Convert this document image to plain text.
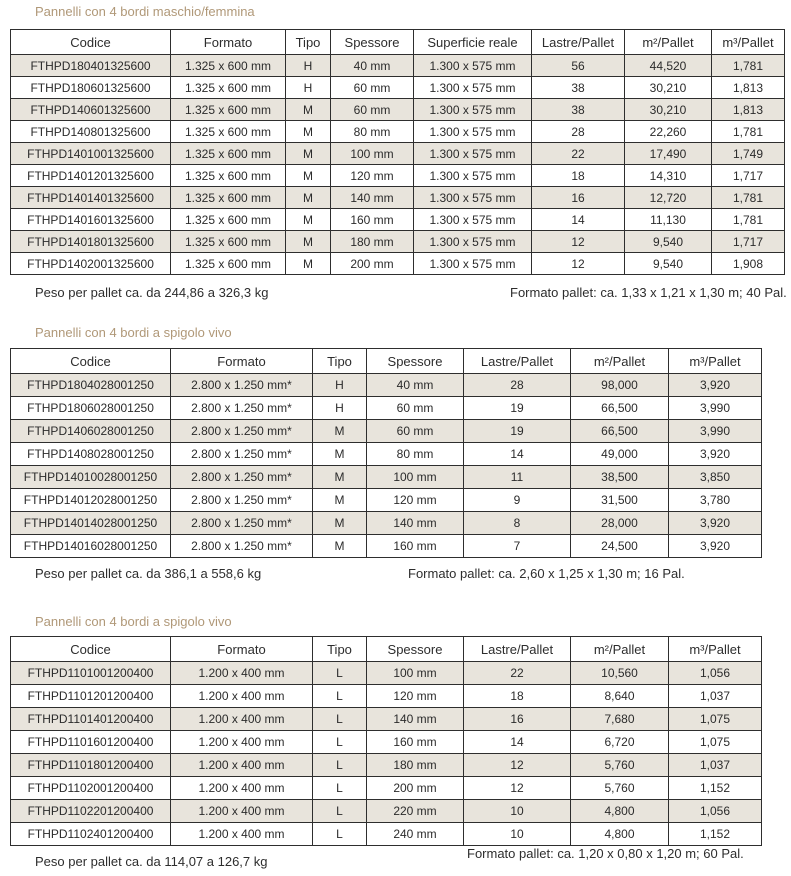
Pannelli con 4 bordi maschio/femmina
Codice	Formato	Tipo	Spessore	Superficie reale	Lastre/Pallet	m²/Pallet	m³/Pallet
FTHPD180401325600	1.325 x 600 mm	H	40 mm	1.300 x 575 mm	56	44,520	1,781
FTHPD180601325600	1.325 x 600 mm	H	60 mm	1.300 x 575 mm	38	30,210	1,813
FTHPD140601325600	1.325 x 600 mm	M	60 mm	1.300 x 575 mm	38	30,210	1,813
FTHPD140801325600	1.325 x 600 mm	M	80 mm	1.300 x 575 mm	28	22,260	1,781
FTHPD1401001325600	1.325 x 600 mm	M	100 mm	1.300 x 575 mm	22	17,490	1,749
FTHPD1401201325600	1.325 x 600 mm	M	120 mm	1.300 x 575 mm	18	14,310	1,717
FTHPD1401401325600	1.325 x 600 mm	M	140 mm	1.300 x 575 mm	16	12,720	1,781
FTHPD1401601325600	1.325 x 600 mm	M	160 mm	1.300 x 575 mm	14	11,130	1,781
FTHPD1401801325600	1.325 x 600 mm	M	180 mm	1.300 x 575 mm	12	9,540	1,717
FTHPD1402001325600	1.325 x 600 mm	M	200 mm	1.300 x 575 mm	12	9,540	1,908
Peso per pallet ca. da 244,86 a 326,3 kg	Formato pallet: ca. 1,33 x 1,21 x 1,30 m; 40 Pal.
Pannelli con 4 bordi a spigolo vivo
Codice	Formato	Tipo	Spessore	Lastre/Pallet	m²/Pallet	m³/Pallet
FTHPD1804028001250	2.800 x 1.250 mm*	H	40 mm	28	98,000	3,920
FTHPD1806028001250	2.800 x 1.250 mm*	H	60 mm	19	66,500	3,990
FTHPD1406028001250	2.800 x 1.250 mm*	M	60 mm	19	66,500	3,990
FTHPD1408028001250	2.800 x 1.250 mm*	M	80 mm	14	49,000	3,920
FTHPD14010028001250	2.800 x 1.250 mm*	M	100 mm	11	38,500	3,850
FTHPD14012028001250	2.800 x 1.250 mm*	M	120 mm	9	31,500	3,780
FTHPD14014028001250	2.800 x 1.250 mm*	M	140 mm	8	28,000	3,920
FTHPD14016028001250	2.800 x 1.250 mm*	M	160 mm	7	24,500	3,920
Peso per pallet ca. da 386,1 a 558,6 kg	Formato pallet: ca. 2,60 x 1,25 x 1,30 m; 16 Pal.
Pannelli con 4 bordi a spigolo vivo
Codice	Formato	Tipo	Spessore	Lastre/Pallet	m²/Pallet	m³/Pallet
FTHPD1101001200400	1.200 x 400 mm	L	100 mm	22	10,560	1,056
FTHPD1101201200400	1.200 x 400 mm	L	120 mm	18	8,640	1,037
FTHPD1101401200400	1.200 x 400 mm	L	140 mm	16	7,680	1,075
FTHPD1101601200400	1.200 x 400 mm	L	160 mm	14	6,720	1,075
FTHPD1101801200400	1.200 x 400 mm	L	180 mm	12	5,760	1,037
FTHPD1102001200400	1.200 x 400 mm	L	200 mm	12	5,760	1,152
FTHPD1102201200400	1.200 x 400 mm	L	220 mm	10	4,800	1,056
FTHPD1102401200400	1.200 x 400 mm	L	240 mm	10	4,800	1,152
Peso per pallet ca. da 114,07 a 126,7 kg
Formato pallet: ca. 1,20 x 0,80 x 1,20 m; 60 Pal.
